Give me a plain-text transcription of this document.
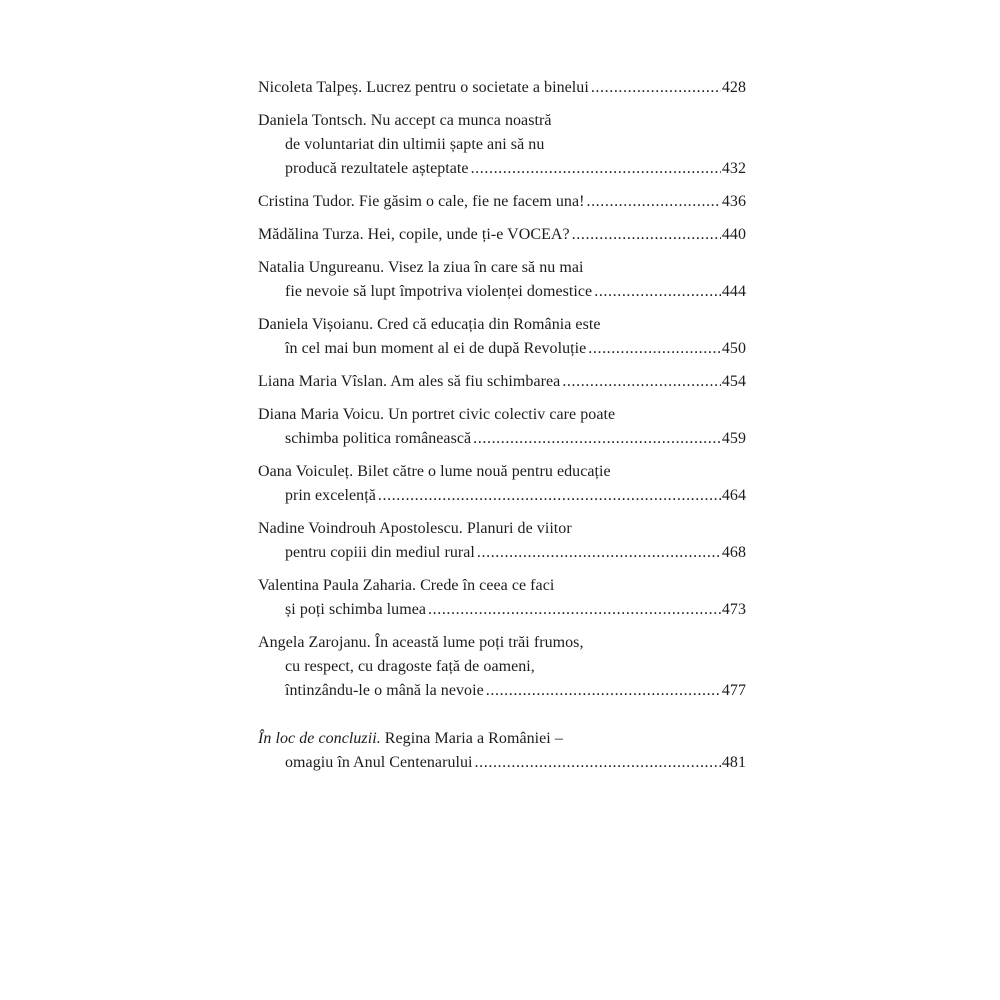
Nicoleta Talpeș. Lucrez pentru o societate a binelui .....	428
Daniela Tontsch. Nu accept ca munca noastră
de voluntariat din ultimii șapte ani să nu
producă rezultatele așteptate .....	432
Cristina Tudor. Fie găsim o cale, fie ne facem una! .....	436
Mădălina Turza. Hei, copile, unde ți-e VOCEA? .....	440
Natalia Ungureanu. Visez la ziua în care să nu mai
fie nevoie să lupt împotriva violenței domestice .....	444
Daniela Vișoianu. Cred că educația din România este
în cel mai bun moment al ei de după Revoluție .....	450
Liana Maria Vîslan. Am ales să fiu schimbarea .....	454
Diana Maria Voicu. Un portret civic colectiv care poate
schimba politica românească .....	459
Oana Voiculeț. Bilet către o lume nouă pentru educație
prin excelență .....	464
Nadine Voindrouh Apostolescu. Planuri de viitor
pentru copiii din mediul rural .....	468
Valentina Paula Zaharia. Crede în ceea ce faci
și poți schimba lumea .....	473
Angela Zarojanu. În această lume poți trăi frumos,
cu respect, cu dragoste față de oameni,
întinzându-le o mână la nevoie .....	477
În loc de concluzii. Regina Maria a României –
omagiu în Anul Centenarului .....	481
